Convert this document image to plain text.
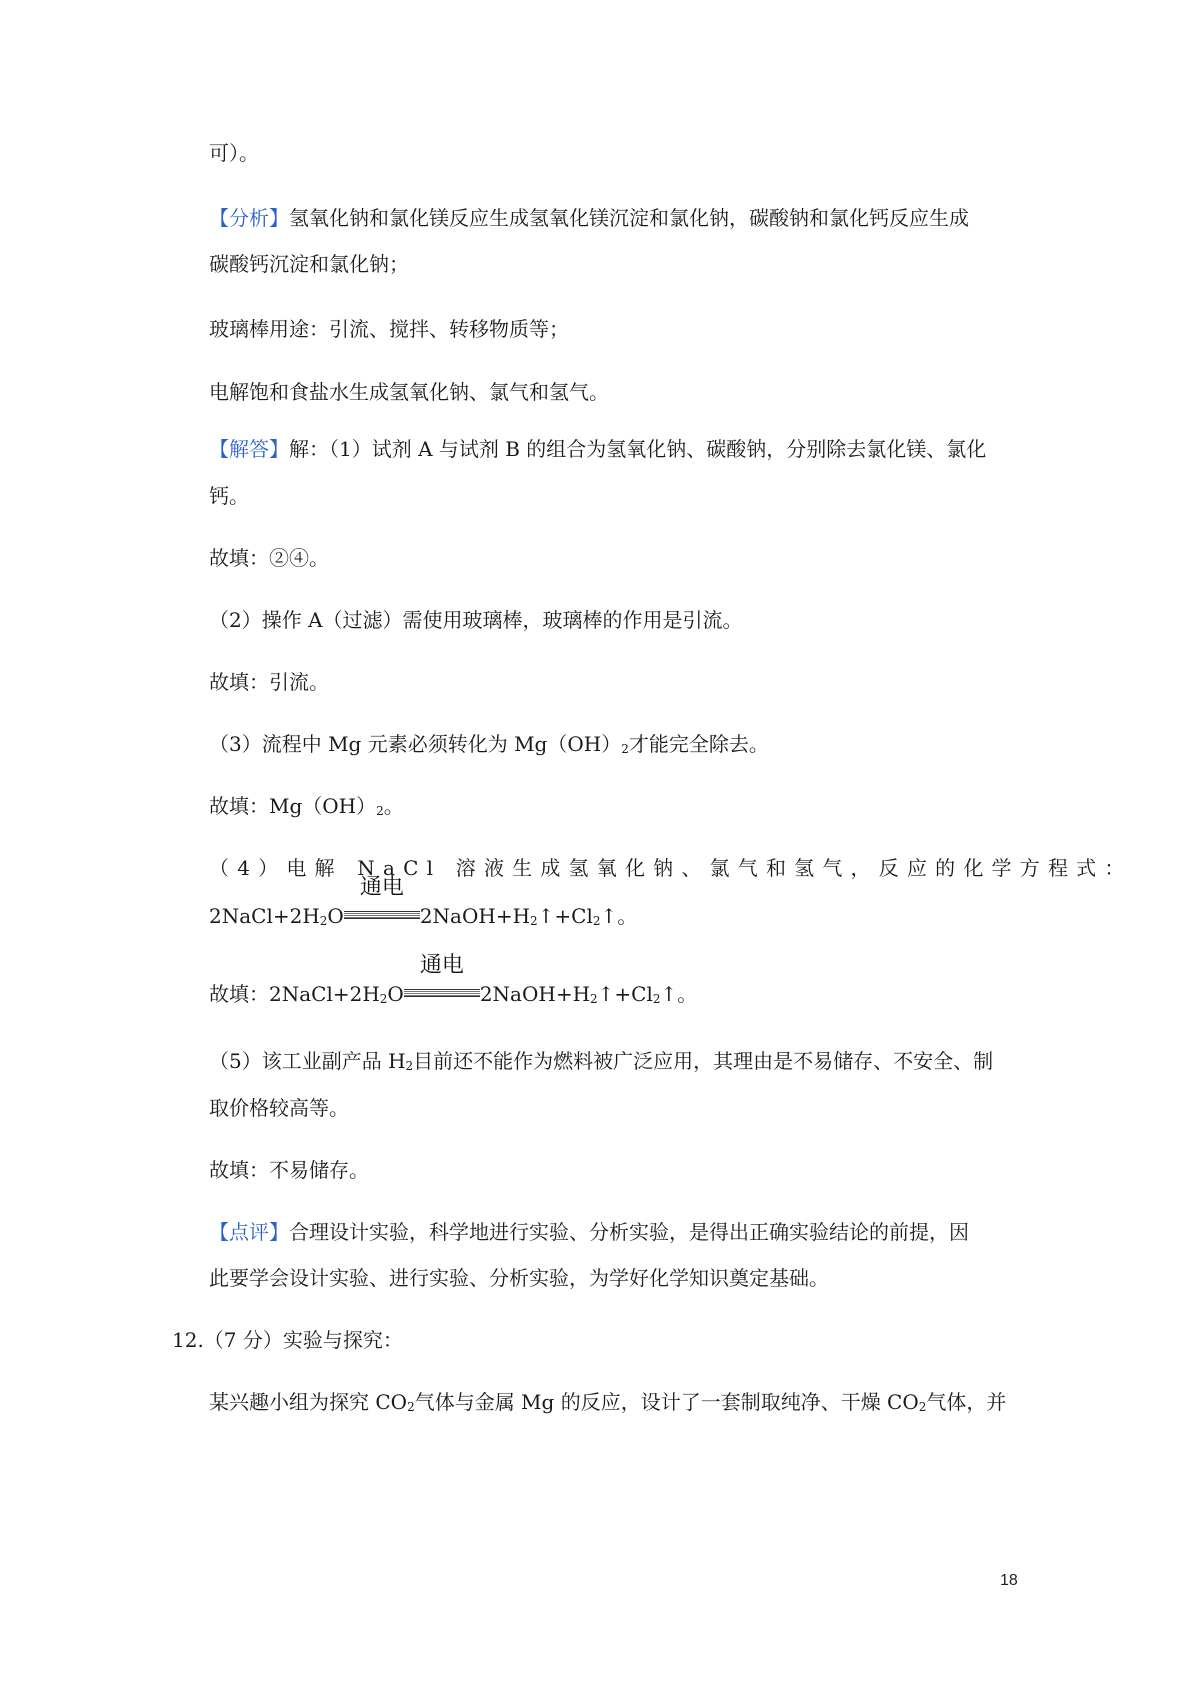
可）。
【分析】氢氧化钠和氯化镁反应生成氢氧化镁沉淀和氯化钠，碳酸钠和氯化钙反应生成
碳酸钙沉淀和氯化钠；
玻璃棒用途：引流、搅拌、转移物质等；
电解饱和食盐水生成氢氧化钠、氯气和氢气。
【解答】解：（1）试剂 A 与试剂 B 的组合为氢氧化钠、碳酸钠，分别除去氯化镁、氯化
钙。
故填：②④。
（2）操作 A（过滤）需使用玻璃棒，玻璃棒的作用是引流。
故填：引流。
（3）流程中 Mg 元素必须转化为 $Mg(OH)_2$才能完全除去。
故填：$Mg(OH)_2$。
（4）电解 NaCl 溶液生成氢氧化钠、氯气和氢气，反应的化学方程式：
$2NaCl+2H_2O$
通电
$2NaOH+H_2↑+Cl_2↑$。
故填：$2NaCl+2H_2O$
通电
$2NaOH+H_2↑+Cl_2↑$。
（5）该工业副产品 $H_2$目前还不能作为燃料被广泛应用，其理由是不易储存、不安全、制
取价格较高等。
故填：不易储存。
【点评】合理设计实验，科学地进行实验、分析实验，是得出正确实验结论的前提，因
此要学会设计实验、进行实验、分析实验，为学好化学知识奠定基础。
12.（7 分）实验与探究：
某兴趣小组为探究 $CO_2$气体与金属 Mg 的反应，设计了一套制取纯净、干燥 $CO_2$气体，并
18
